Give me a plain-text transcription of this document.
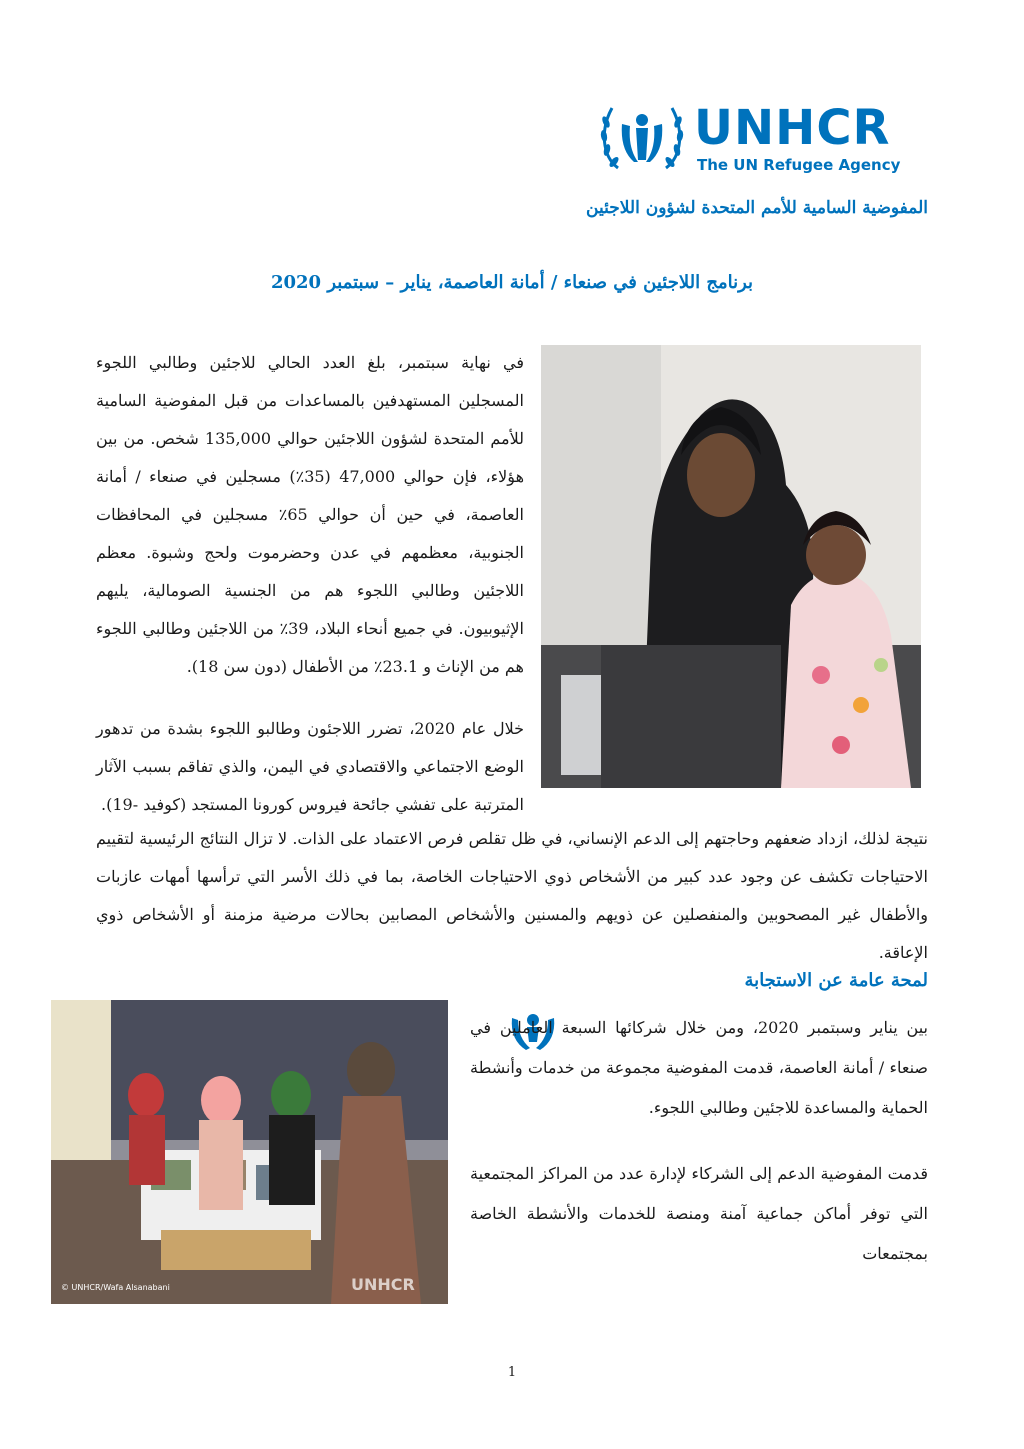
UNHCR
The UN Refugee Agency
المفوضية السامية للأمم المتحدة لشؤون اللاجئين
برنامج اللاجئين في صنعاء / أمانة العاصمة، يناير – سبتمبر 2020

في نهاية سبتمبر، بلغ العدد الحالي للاجئين وطالبي اللجوء المسجلين المستهدفين بالمساعدات من قبل المفوضية السامية للأمم المتحدة لشؤون اللاجئين حوالي 135,000 شخص. من بين هؤلاء، فإن حوالي 47,000 (35٪) مسجلين في صنعاء / أمانة العاصمة، في حين أن حوالي 65٪ مسجلين في المحافظات الجنوبية، معظمهم في عدن وحضرموت ولحج وشبوة. معظم اللاجئين وطالبي اللجوء هم من الجنسية الصومالية، يليهم الإثيوبيون. في جميع أنحاء البلاد، 39٪ من اللاجئين وطالبي اللجوء هم من الإناث و 23.1٪ من الأطفال (دون سن 18).

خلال عام 2020، تضرر اللاجئون وطالبو اللجوء بشدة من تدهور الوضع الاجتماعي والاقتصادي في اليمن، والذي تفاقم بسبب الآثار المترتبة على تفشي جائحة فيروس كورونا المستجد (كوفيد -19).

نتيجة لذلك، ازداد ضعفهم وحاجتهم إلى الدعم الإنساني، في ظل تقلص فرص الاعتماد على الذات. لا تزال النتائج الرئيسية لتقييم الاحتياجات تكشف عن وجود عدد كبير من الأشخاص ذوي الاحتياجات الخاصة، بما في ذلك الأسر التي ترأسها أمهات عازبات والأطفال غير المصحوبين والمنفصلين عن ذويهم والمسنين والأشخاص المصابين بحالات مرضية مزمنة أو الأشخاص ذوي الإعاقة.

لمحة عامة عن الاستجابة
© UNHCR/Wafa Alsanabani	UNHCR

بين يناير وسبتمبر 2020، ومن خلال شركائها السبعة العاملين في صنعاء / أمانة العاصمة، قدمت المفوضية مجموعة من خدمات وأنشطة الحماية والمساعدة للاجئين وطالبي اللجوء.

قدمت المفوضية الدعم إلى الشركاء لإدارة عدد من المراكز المجتمعية التي توفر أماكن جماعية آمنة ومنصة للخدمات والأنشطة الخاصة بمجتمعات

1
